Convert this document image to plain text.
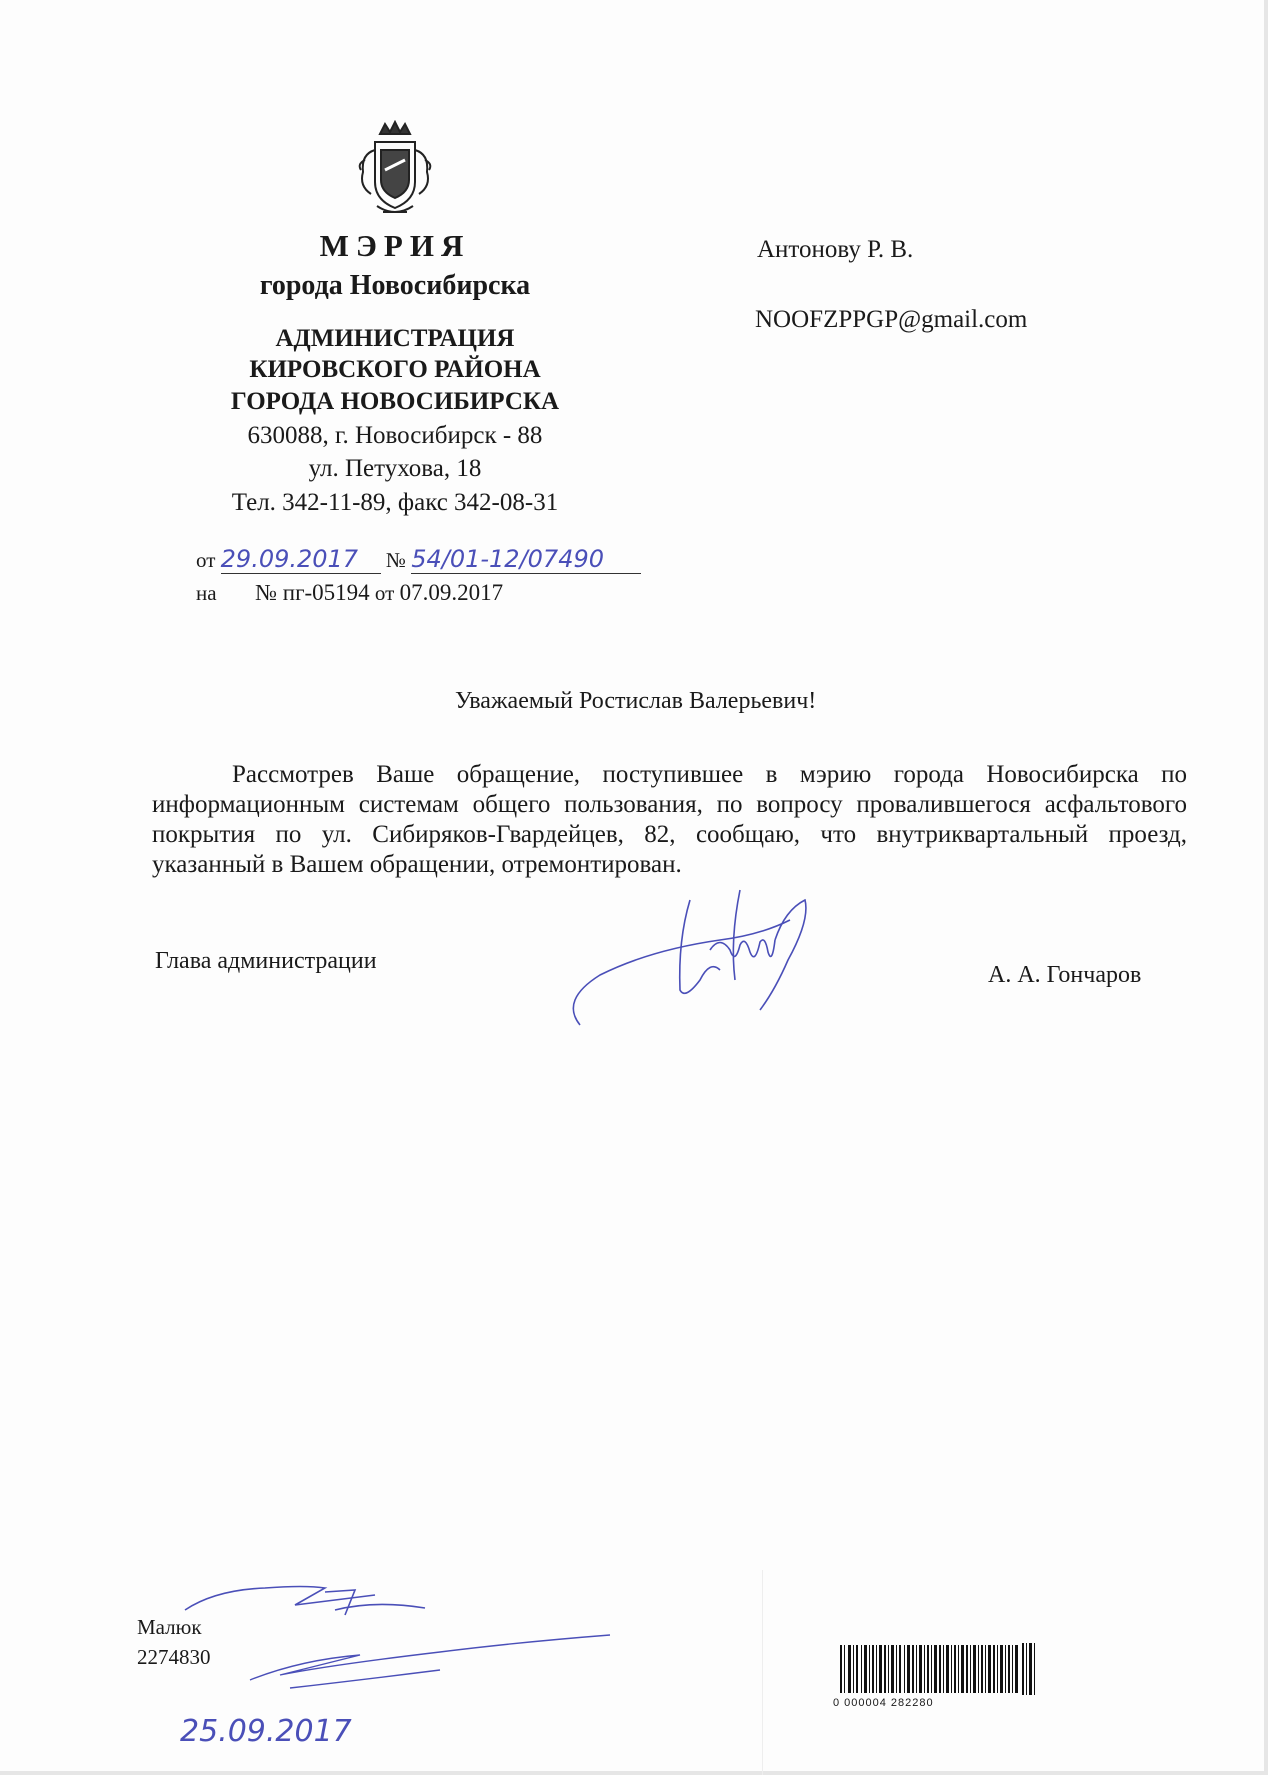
МЭРИЯ
города Новосибирска
АДМИНИСТРАЦИЯ
КИРОВСКОГО РАЙОНА
ГОРОДА НОВОСИБИРСКА
630088, г. Новосибирск - 88
ул. Петухова, 18
Тел. 342-11-89, факс 342-08-31
Антонову Р. В.
NOOFZPPGP@gmail.com
от 29.09.2017 № 54/01-12/07490
на № пг-05194 от 07.09.2017
Уважаемый Ростислав Валерьевич!
Рассмотрев Ваше обращение, поступившее в мэрию города Новосибирска по информационным системам общего пользования, по вопросу провалившегося асфальтового покрытия по ул. Сибиряков-Гвардейцев, 82, сообщаю, что внутриквартальный проезд, указанный в Вашем обращении, отремонтирован.
Глава администрации
А. А. Гончаров
Малюк
2274830
25.09.2017
0 000004 282280
